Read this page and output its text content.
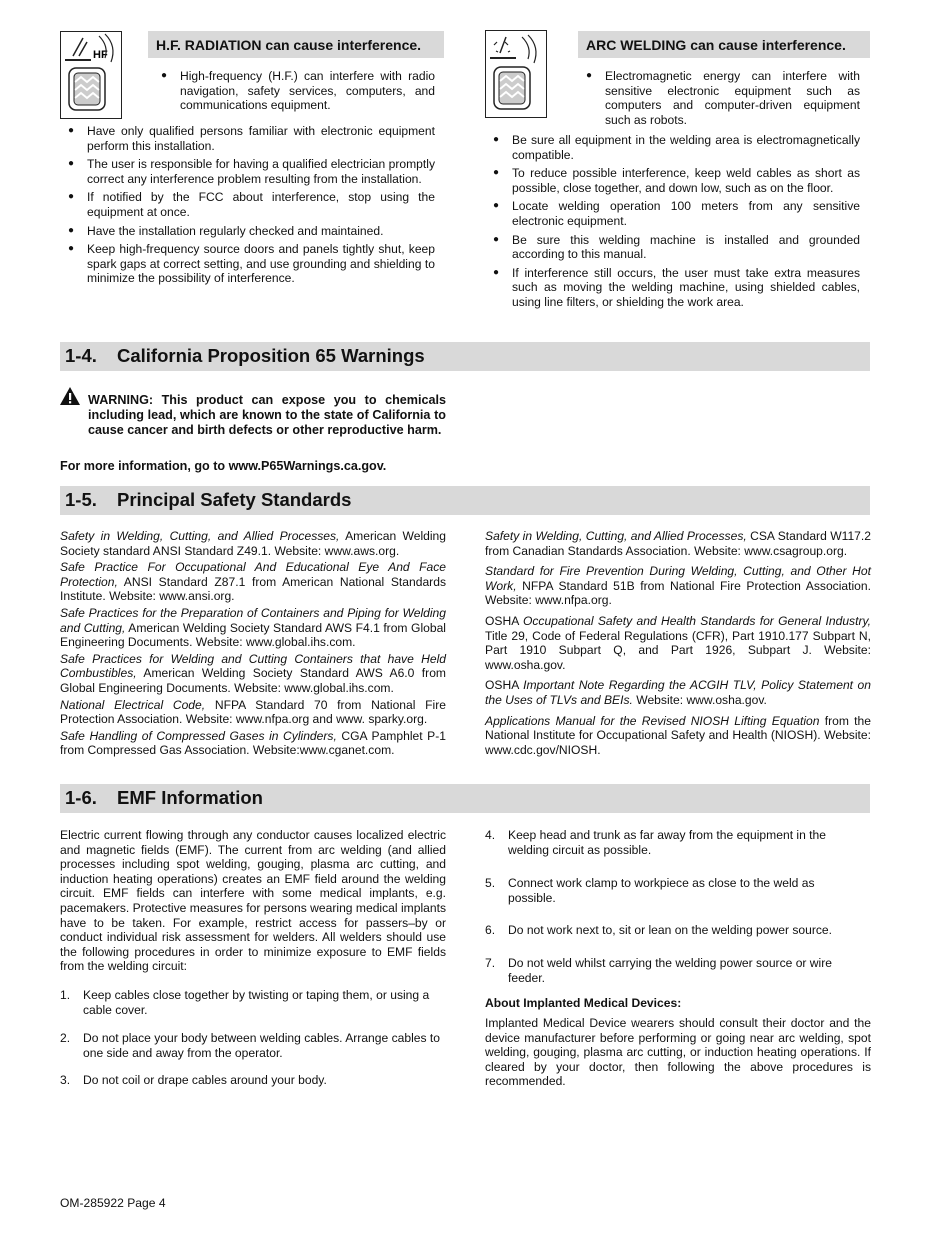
HF
H.F. RADIATION can cause interference.
● High-frequency (H.F.) can interfere with radio navigation, safety services, computers, and communications equipment.
● Have only qualified persons familiar with electronic equipment perform this installation.
● The user is responsible for having a qualified electrician promptly correct any interference problem resulting from the installation.
● If notified by the FCC about interference, stop using the equipment at once.
● Have the installation regularly checked and maintained.
● Keep high-frequency source doors and panels tightly shut, keep spark gaps at correct setting, and use grounding and shielding to minimize the possibility of interference.
ARC WELDING can cause interference.
● Electromagnetic energy can interfere with sensitive electronic equipment such as computers and computer-driven equipment such as robots.
● Be sure all equipment in the welding area is electromagnetically compatible.
● To reduce possible interference, keep weld cables as short as possible, close together, and down low, such as on the floor.
● Locate welding operation 100 meters from any sensitive electronic equipment.
● Be sure this welding machine is installed and grounded according to this manual.
● If interference still occurs, the user must take extra measures such as moving the welding machine, using shielded cables, using line filters, or shielding the work area.
1-4. California Proposition 65 Warnings
WARNING: This product can expose you to chemicals including lead, which are known to the state of California to cause cancer and birth defects or other reproductive harm.
For more information, go to www.P65Warnings.ca.gov.
1-5. Principal Safety Standards

Safety in Welding, Cutting, and Allied Processes, American Welding Society standard ANSI Standard Z49.1. Website: www.aws.org.

Safe Practice For Occupational And Educational Eye And Face Protection, ANSI Standard Z87.1 from American National Standards Institute. Website: www.ansi.org.

Safe Practices for the Preparation of Containers and Piping for Welding and Cutting, American Welding Society Standard AWS F4.1 from Global Engineering Documents. Website: www.global.ihs.com.

Safe Practices for Welding and Cutting Containers that have Held Combustibles, American Welding Society Standard AWS A6.0 from Global Engineering Documents. Website: www.global.ihs.com.

National Electrical Code, NFPA Standard 70 from National Fire Protection Association. Website: www.nfpa.org and www. sparky.org.

Safe Handling of Compressed Gases in Cylinders, CGA Pamphlet P-1 from Compressed Gas Association. Website:www.cganet.com.

Safety in Welding, Cutting, and Allied Processes, CSA Standard W117.2 from Canadian Standards Association. Website: www.csagroup.org.

Standard for Fire Prevention During Welding, Cutting, and Other Hot Work, NFPA Standard 51B from National Fire Protection Association. Website: www.nfpa.org.

OSHA Occupational Safety and Health Standards for General Industry, Title 29, Code of Federal Regulations (CFR), Part 1910.177 Subpart N, Part 1910 Subpart Q, and Part 1926, Subpart J. Website: www.osha.gov.

OSHA Important Note Regarding the ACGIH TLV, Policy Statement on the Uses of TLVs and BEIs. Website: www.osha.gov.

Applications Manual for the Revised NIOSH Lifting Equation from the National Institute for Occupational Safety and Health (NIOSH). Website: www.cdc.gov/NIOSH.

1-6. EMF Information
Electric current flowing through any conductor causes localized electric and magnetic fields (EMF). The current from arc welding (and allied processes including spot welding, gouging, plasma arc cutting, and induction heating operations) creates an EMF field around the welding circuit. EMF fields can interfere with some medical implants, e.g. pacemakers. Protective measures for persons wearing medical implants have to be taken. For example, restrict access for passers–by or conduct individual risk assessment for welders. All welders should use the following procedures in order to minimize exposure to EMF fields from the welding circuit:
1.	Keep cables close together by twisting or taping them, or using a cable cover.
2.	Do not place your body between welding cables. Arrange cables to one side and away from the operator.
3.	Do not coil or drape cables around your body.
4.	Keep head and trunk as far away from the equipment in the welding circuit as possible.
5.	Connect work clamp to workpiece as close to the weld as possible.
6.	Do not work next to, sit or lean on the welding power source.
7.	Do not weld whilst carrying the welding power source or wire feeder.
About Implanted Medical Devices:
Implanted Medical Device wearers should consult their doctor and the device manufacturer before performing or going near arc welding, spot welding, gouging, plasma arc cutting, or induction heating operations. If cleared by your doctor, then following the above procedures is recommended.
OM-285922 Page 4
